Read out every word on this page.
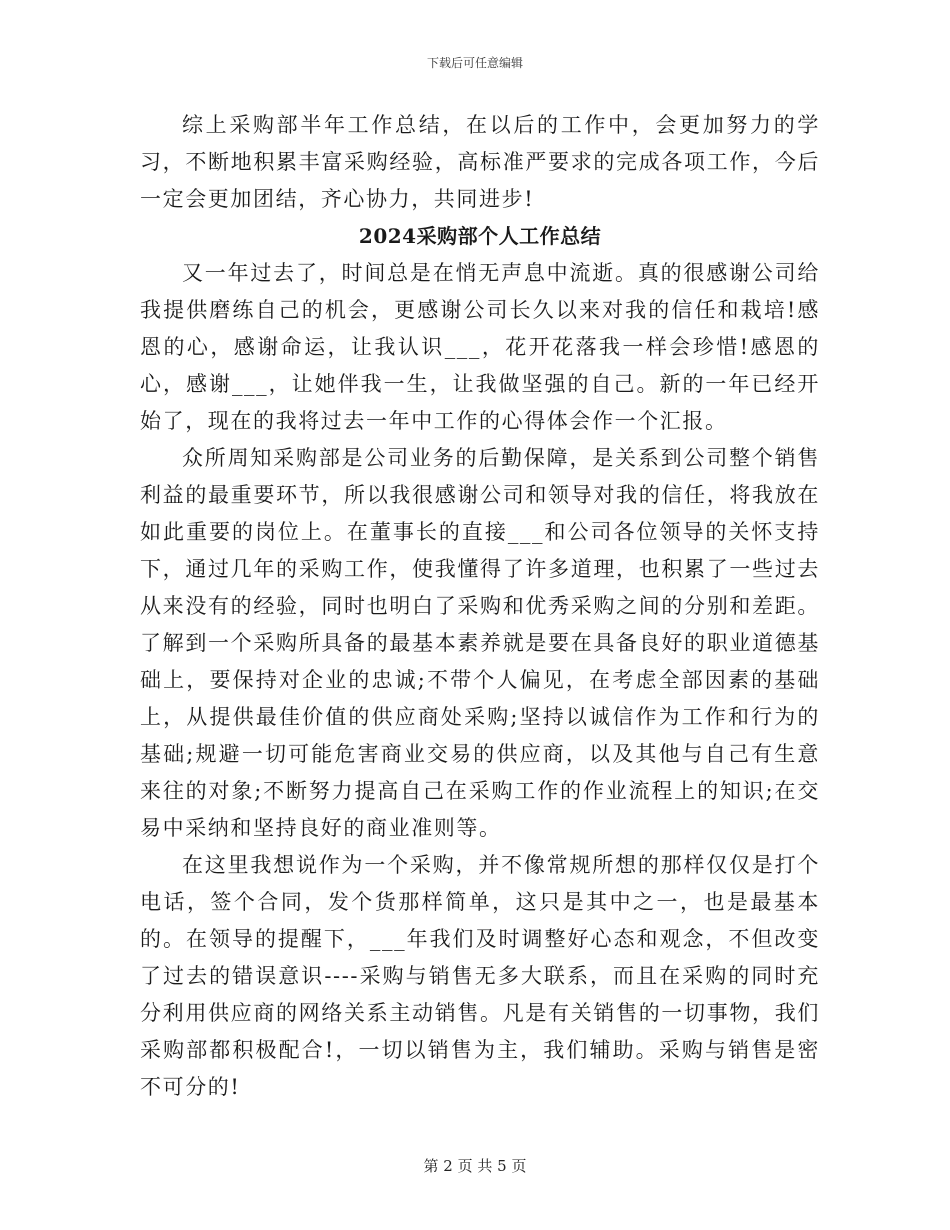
下载后可任意编辑

综上采购部半年工作总结，在以后的工作中，会更加努力的学习，不断地积累丰富采购经验，高标准严要求的完成各项工作，今后一定会更加团结，齐心协力，共同进步!

2024采购部个人工作总结

又一年过去了，时间总是在悄无声息中流逝。真的很感谢公司给我提供磨练自己的机会，更感谢公司长久以来对我的信任和栽培!感恩的心，感谢命运，让我认识___，花开花落我一样会珍惜!感恩的心，感谢___，让她伴我一生，让我做坚强的自己。新的一年已经开始了，现在的我将过去一年中工作的心得体会作一个汇报。

众所周知采购部是公司业务的后勤保障，是关系到公司整个销售利益的最重要环节，所以我很感谢公司和领导对我的信任，将我放在如此重要的岗位上。在董事长的直接___和公司各位领导的关怀支持下，通过几年的采购工作，使我懂得了许多道理，也积累了一些过去从来没有的经验，同时也明白了采购和优秀采购之间的分别和差距。了解到一个采购所具备的最基本素养就是要在具备良好的职业道德基础上，要保持对企业的忠诚;不带个人偏见，在考虑全部因素的基础上，从提供最佳价值的供应商处采购;坚持以诚信作为工作和行为的基础;规避一切可能危害商业交易的供应商，以及其他与自己有生意来往的对象;不断努力提高自己在采购工作的作业流程上的知识;在交易中采纳和坚持良好的商业准则等。

在这里我想说作为一个采购，并不像常规所想的那样仅仅是打个电话，签个合同，发个货那样简单，这只是其中之一，也是最基本的。在领导的提醒下，___年我们及时调整好心态和观念，不但改变了过去的错误意识----采购与销售无多大联系，而且在采购的同时充分利用供应商的网络关系主动销售。凡是有关销售的一切事物，我们采购部都积极配合!，一切以销售为主，我们辅助。采购与销售是密不可分的!

第 2 页 共 5 页
